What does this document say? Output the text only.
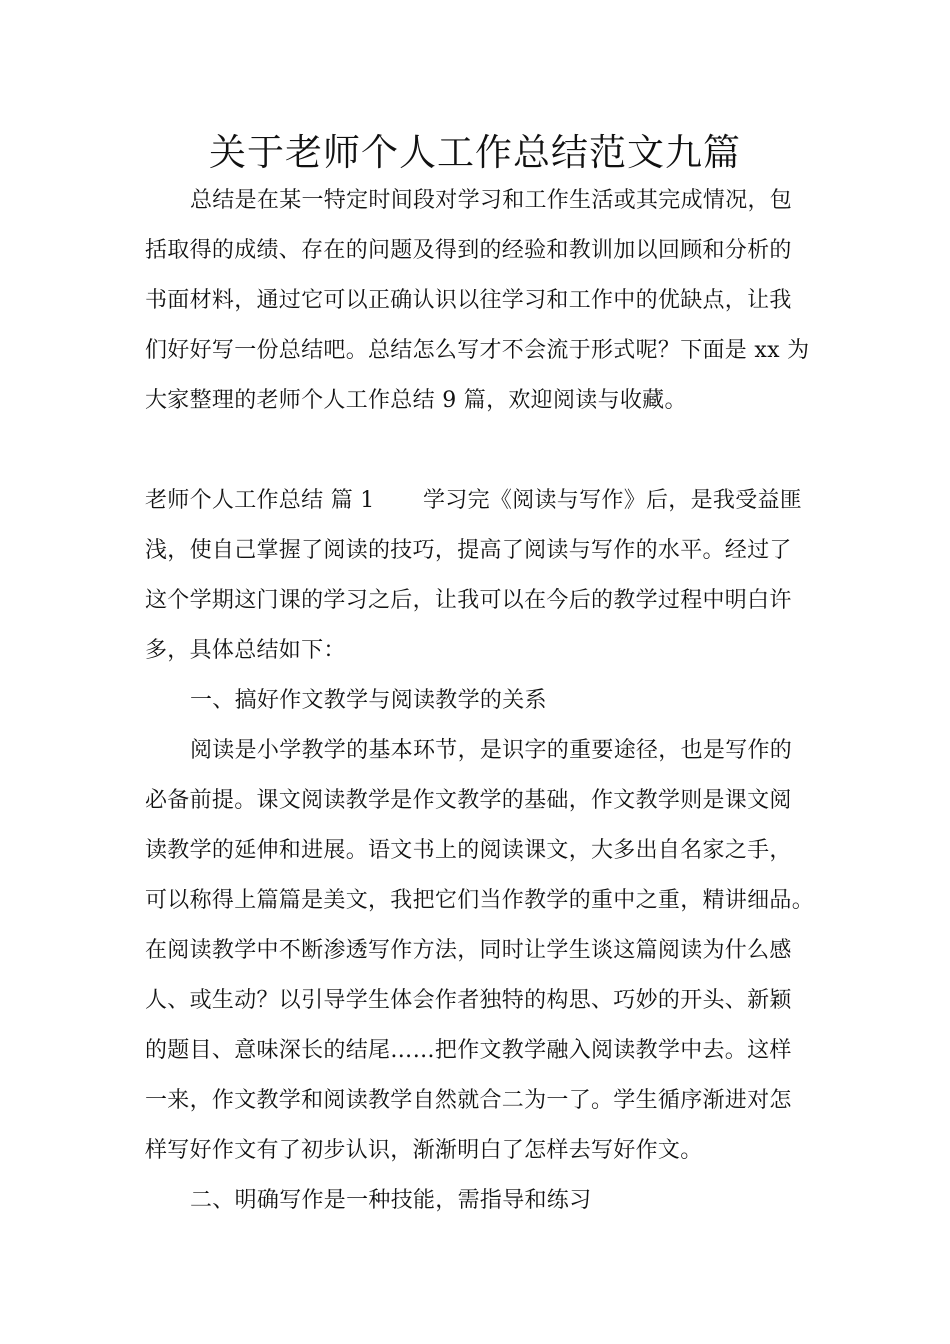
关于老师个人工作总结范文九篇
总结是在某一特定时间段对学习和工作生活或其完成情况，包
括取得的成绩、存在的问题及得到的经验和教训加以回顾和分析的
书面材料，通过它可以正确认识以往学习和工作中的优缺点，让我
们好好写一份总结吧。总结怎么写才不会流于形式呢？下面是 xx 为
大家整理的老师个人工作总结 9 篇，欢迎阅读与收藏。
老师个人工作总结 篇 1 学习完《阅读与写作》后，是我受益匪
浅，使自己掌握了阅读的技巧，提高了阅读与写作的水平。经过了
这个学期这门课的学习之后，让我可以在今后的教学过程中明白许
多，具体总结如下：
一、搞好作文教学与阅读教学的关系
阅读是小学教学的基本环节，是识字的重要途径，也是写作的
必备前提。课文阅读教学是作文教学的基础，作文教学则是课文阅
读教学的延伸和进展。语文书上的阅读课文，大多出自名家之手，
可以称得上篇篇是美文，我把它们当作教学的重中之重，精讲细品。
在阅读教学中不断渗透写作方法，同时让学生谈这篇阅读为什么感
人、或生动？以引导学生体会作者独特的构思、巧妙的开头、新颖
的题目、意味深长的结尾……把作文教学融入阅读教学中去。这样
一来，作文教学和阅读教学自然就合二为一了。学生循序渐进对怎
样写好作文有了初步认识，渐渐明白了怎样去写好作文。
二、明确写作是一种技能，需指导和练习
